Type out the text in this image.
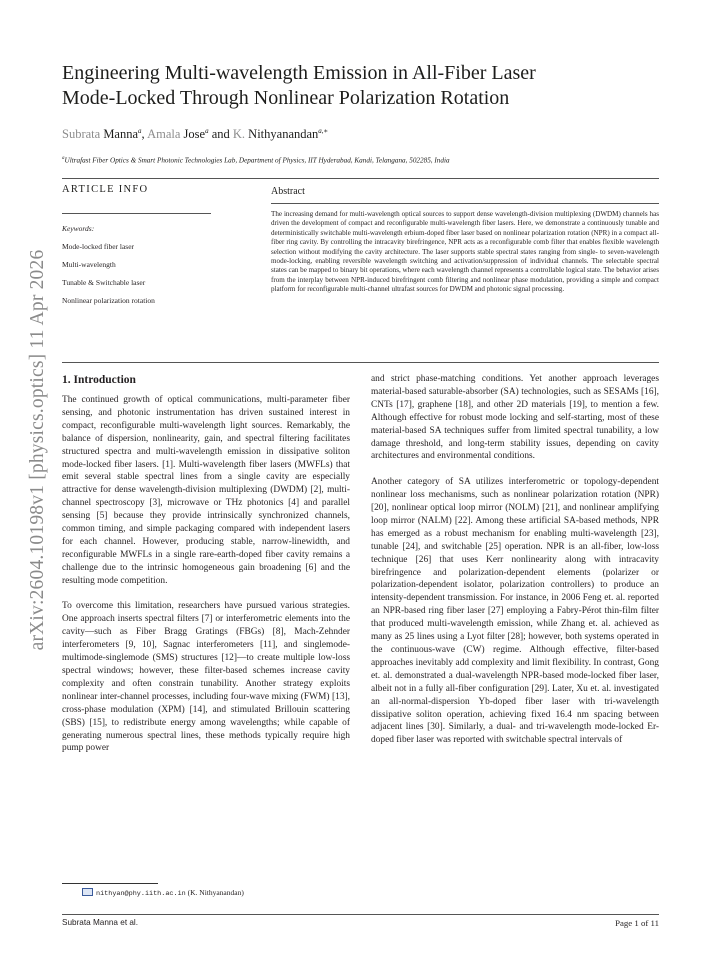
arXiv:2604.10198v1 [physics.optics] 11 Apr 2026
Engineering Multi-wavelength Emission in All-Fiber Laser
Mode-Locked Through Nonlinear Polarization Rotation
Subrata Manna$^a$, Amala Jose$^a$ and K. Nithyanandan$^{a,∗}$
$^a$Ultrafast Fiber Optics & Smart Photonic Technologies Lab, Department of Physics, IIT Hyderabad, Kandi, Telangana, 502285, India
ARTICLE INFO	Abstract
Keywords:
Mode-locked fiber laser
Multi-wavelength
Tunable & Switchable laser
Nonlinear polarization rotation
The increasing demand for multi-wavelength optical sources to support dense wavelength-division multiplexing (DWDM) channels has driven the development of compact and reconfigurable multi-wavelength fiber lasers. Here, we demonstrate a continuously tunable and deterministically switchable multi-wavelength erbium-doped fiber laser based on nonlinear polarization rotation (NPR) in a compact all-fiber ring cavity. By controlling the intracavity birefringence, NPR acts as a reconfigurable comb filter that enables flexible wavelength selection without modifying the cavity architecture. The laser supports stable spectral states ranging from single- to seven-wavelength mode-locking, enabling reversible wavelength switching and activation/suppression of individual channels. The selectable spectral states can be mapped to binary bit operations, where each wavelength channel represents a controllable logical state. The behavior arises from the interplay between NPR-induced birefringent comb filtering and nonlinear phase modulation, providing a simple and compact platform for reconfigurable multi-channel ultrafast sources for DWDM and photonic signal processing.
1. Introduction

The continued growth of optical communications, multi-parameter fiber sensing, and photonic instrumentation has driven sustained interest in compact, reconfigurable multi-wavelength light sources. Remarkably, the balance of dispersion, nonlinearity, gain, and spectral filtering facilitates structured spectra and multi-wavelength emission in dissipative soliton mode-locked fiber lasers. [1]. Multi-wavelength fiber lasers (MWFLs) that emit several stable spectral lines from a single cavity are especially attractive for dense wavelength-division multiplexing (DWDM) [2], multi-channel spectroscopy [3], microwave or THz photonics [4] and parallel sensing [5] because they provide intrinsically synchronized channels, common timing, and simple packaging compared with independent lasers for each channel. However, producing stable, narrow-linewidth, and reconfigurable MWFLs in a single rare-earth-doped fiber cavity remains a challenge due to the intrinsic homogeneous gain broadening [6] and the resulting mode competition.

To overcome this limitation, researchers have pursued various strategies. One approach inserts spectral filters [7] or interferometric elements into the cavity—such as Fiber Bragg Gratings (FBGs) [8], Mach-Zehnder interferometers [9, 10], Sagnac interferometers [11], and singlemode-multimode-singlemode (SMS) structures [12]—to create multiple low-loss spectral windows; however, these filter-based schemes increase cavity complexity and often constrain tunability. Another strategy exploits nonlinear inter-channel processes, including four-wave mixing (FWM) [13], cross-phase modulation (XPM) [14], and stimulated Brillouin scattering (SBS) [15], to redistribute energy among wavelengths; while capable of generating numerous spectral lines, these methods typically require high pump power

and strict phase-matching conditions. Yet another approach leverages material-based saturable-absorber (SA) technologies, such as SESAMs [16], CNTs [17], graphene [18], and other 2D materials [19], to mention a few. Although effective for robust mode locking and self-starting, most of these material-based SA techniques suffer from limited spectral tunability, a low damage threshold, and long-term stability issues, depending on cavity architectures and environmental conditions.

Another category of SA utilizes interferometric or topology-dependent nonlinear loss mechanisms, such as nonlinear polarization rotation (NPR) [20], nonlinear optical loop mirror (NOLM) [21], and nonlinear amplifying loop mirror (NALM) [22]. Among these artificial SA-based methods, NPR has emerged as a robust mechanism for enabling multi-wavelength [23], tunable [24], and switchable [25] operation. NPR is an all-fiber, low-loss technique [26] that uses Kerr nonlinearity along with intracavity birefringence and polarization-dependent elements (polarizer or polarization-dependent isolator, polarization controllers) to produce an intensity-dependent transmission. For instance, in 2006 Feng et. al. reported an NPR-based ring fiber laser [27] employing a Fabry-Pérot thin-film filter that produced multi-wavelength emission, while Zhang et. al. achieved as many as 25 lines using a Lyot filter [28]; however, both systems operated in the continuous-wave (CW) regime. Although effective, filter-based approaches inevitably add complexity and limit flexibility. In contrast, Gong et. al. demonstrated a dual-wavelength NPR-based mode-locked fiber laser, albeit not in a fully all-fiber configuration [29]. Later, Xu et. al. investigated an all-normal-dispersion Yb-doped fiber laser with tri-wavelength dissipative soliton operation, achieving fixed 16.4 nm spacing between adjacent lines [30]. Similarly, a dual- and tri-wavelength mode-locked Er-doped fiber laser was reported with switchable spectral intervals of

nithyan@phy.iith.ac.in (K. Nithyanandan)
Subrata Manna et al.	Page 1 of 11
